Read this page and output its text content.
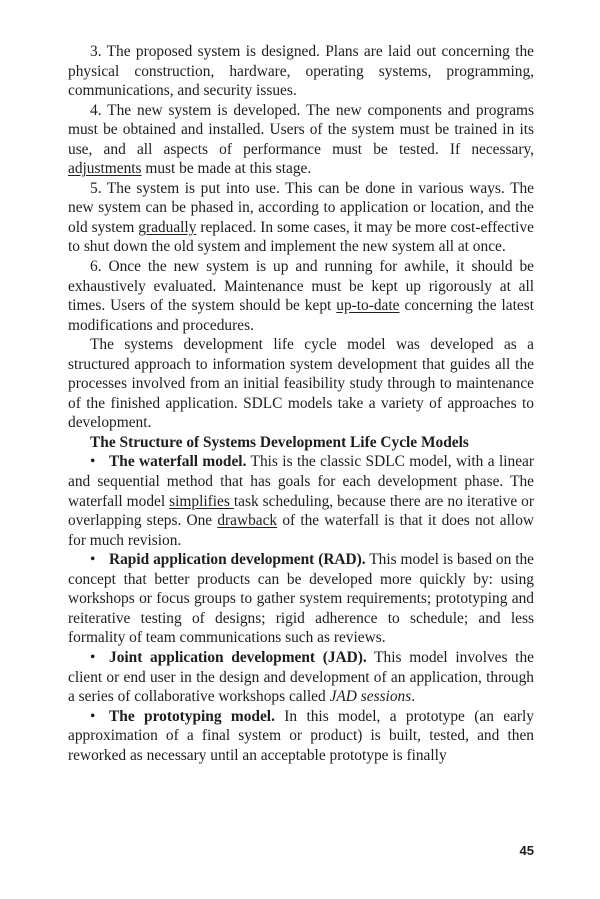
3. The proposed system is designed. Plans are laid out concerning the physical construction, hardware, operating systems, programming, communications, and security issues.

4. The new system is developed. The new components and programs must be obtained and installed. Users of the system must be trained in its use, and all aspects of performance must be tested. If necessary, adjustments must be made at this stage.

5. The system is put into use. This can be done in various ways. The new system can be phased in, according to application or location, and the old system gradually replaced. In some cases, it may be more cost-effective to shut down the old system and implement the new system all at once.

6. Once the new system is up and running for awhile, it should be exhaustively evaluated. Maintenance must be kept up rigorously at all times. Users of the system should be kept up-to-date concerning the latest modifications and procedures.

The systems development life cycle model was developed as a structured approach to information system development that guides all the processes involved from an initial feasibility study through to maintenance of the finished application. SDLC models take a variety of approaches to development.

The Structure of Systems Development Life Cycle Models

• The waterfall model. This is the classic SDLC model, with a linear and sequential method that has goals for each development phase. The waterfall model simplifies task scheduling, because there are no iterative or overlapping steps. One drawback of the waterfall is that it does not allow for much revision.

• Rapid application development (RAD). This model is based on the concept that better products can be developed more quickly by: using workshops or focus groups to gather system requirements; prototyping and reiterative testing of designs; rigid adherence to schedule; and less formality of team communications such as reviews.

• Joint application development (JAD). This model involves the client or end user in the design and development of an application, through a series of collaborative workshops called JAD sessions.

• The prototyping model. In this model, a prototype (an early approximation of a final system or product) is built, tested, and then reworked as necessary until an acceptable prototype is finally

45
